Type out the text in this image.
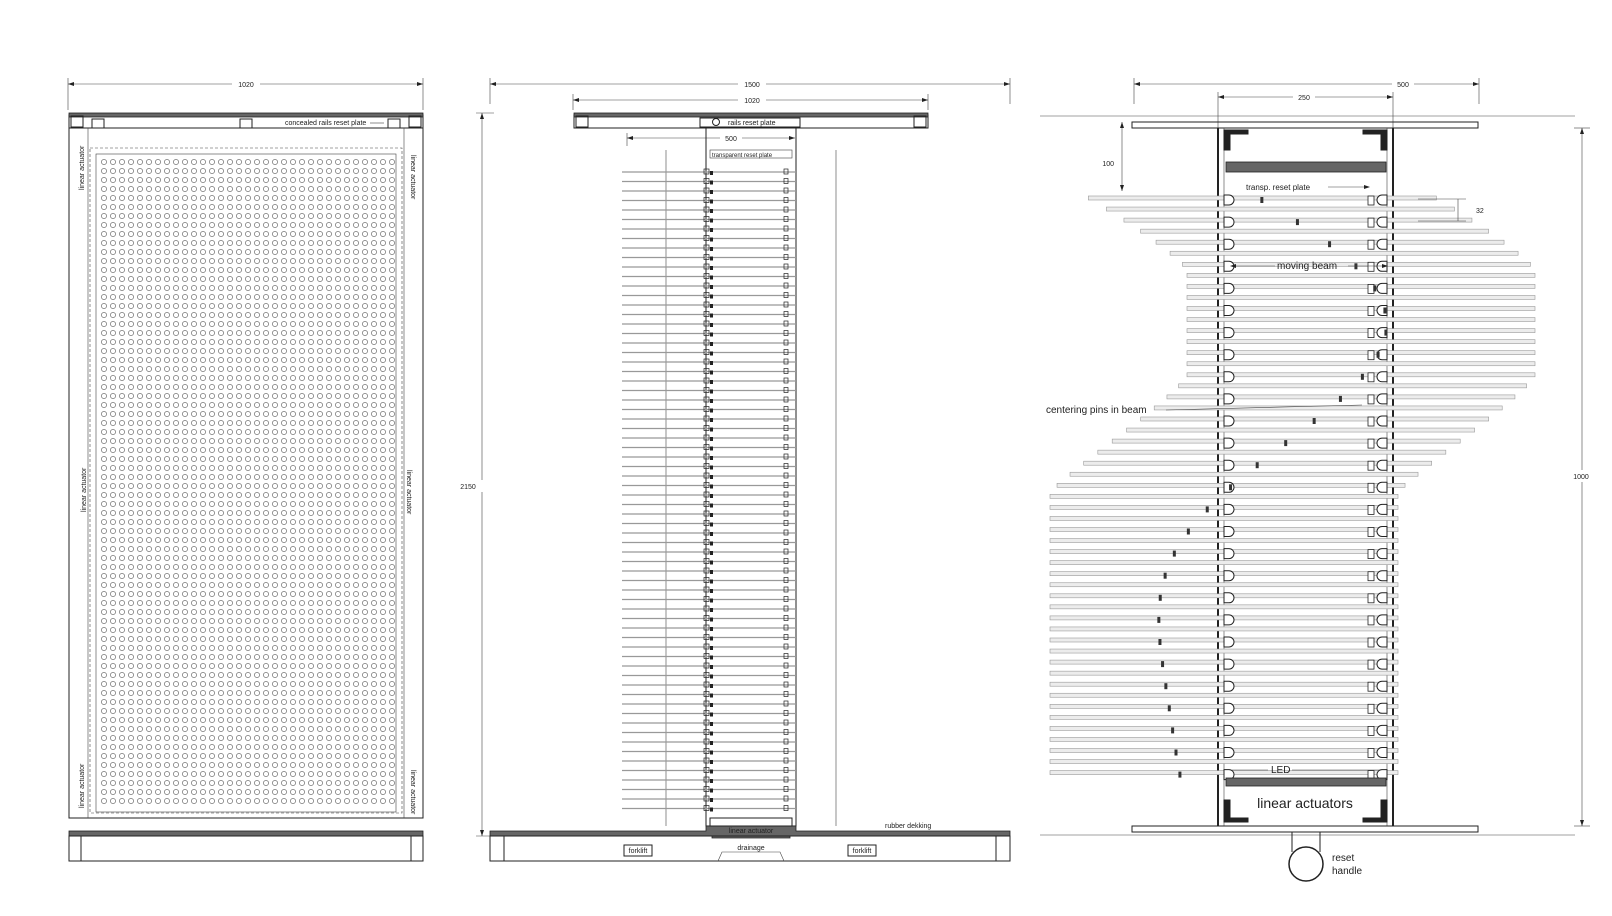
1020
concealed rails reset plate
linear actuator	linear actuator
linear actuator	linear actuator
linear actuator	linear actuator
1500
1020
rails reset plate
500
transparent reset plate
2150
linear actuator
rubber dekking
forklift	forklift
drainage
500
250
transp. reset plate
100
32
1000
moving beam
centering pins in beam
LED
linear actuators
reset
handle
